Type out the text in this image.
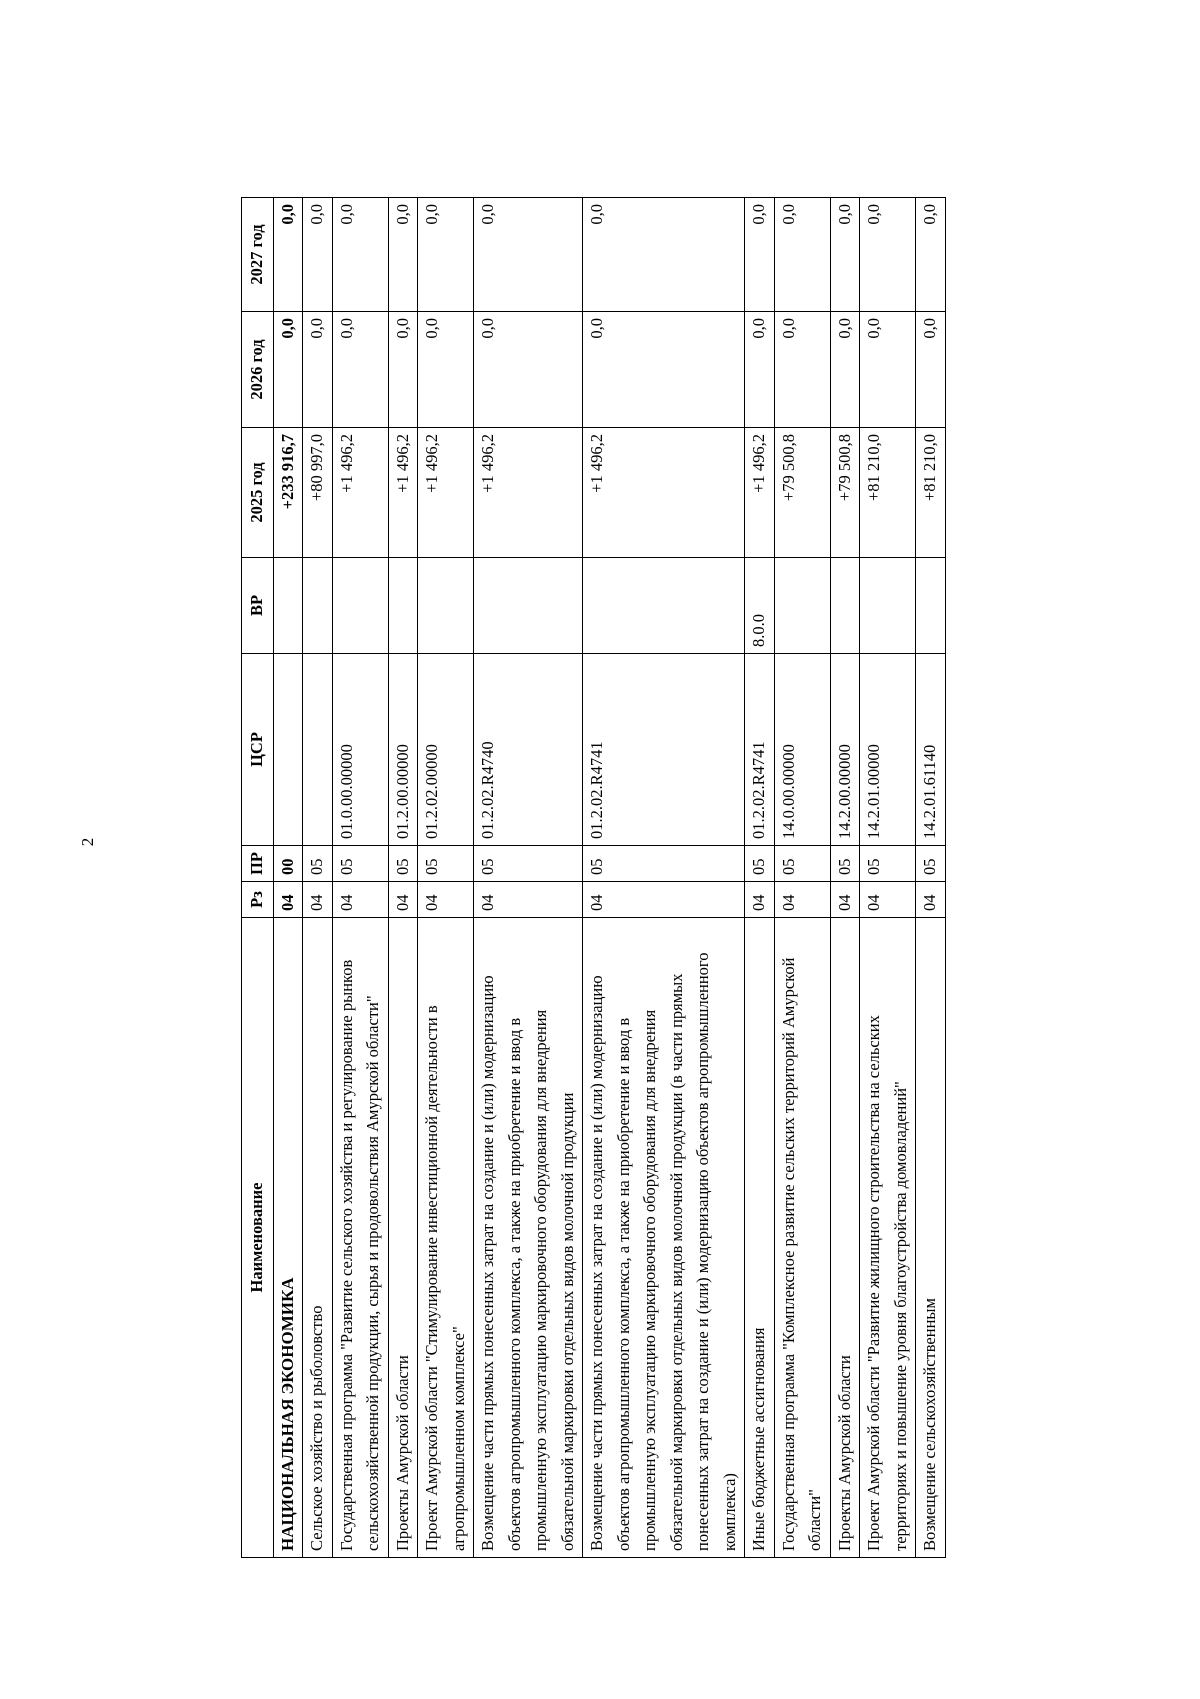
2
Наименование	Рз	ПР	ЦСР	ВР	2025 год	2026 год	2027 год
НАЦИОНАЛЬНАЯ ЭКОНОМИКА	04	00			+233 916,7	0,0	0,0
Сельское хозяйство и рыболовство	04	05			+80 997,0	0,0	0,0
Государственная программа "Развитие сельского хозяйства и регулирование рынков сельскохозяйственной продукции, сырья и продовольствия Амурской области"	04	05	01.0.00.00000		+1 496,2	0,0	0,0
Проекты Амурской области	04	05	01.2.00.00000		+1 496,2	0,0	0,0
Проект Амурской области "Стимулирование инвестиционной деятельности в агропромышленном комплексе"	04	05	01.2.02.00000		+1 496,2	0,0	0,0
Возмещение части прямых понесенных затрат на создание и (или) модернизацию объектов агропромышленного комплекса, а также на приобретение и ввод в промышленную эксплуатацию маркировочного оборудования для внедрения обязательной маркировки отдельных видов молочной продукции	04	05	01.2.02.R4740		+1 496,2	0,0	0,0
Возмещение части прямых понесенных затрат на создание и (или) модернизацию объектов агропромышленного комплекса, а также на приобретение и ввод в промышленную эксплуатацию маркировочного оборудования для внедрения обязательной маркировки отдельных видов молочной продукции (в части прямых понесенных затрат на создание и (или) модернизацию объектов агропромышленного комплекса)	04	05	01.2.02.R4741		+1 496,2	0,0	0,0
Иные бюджетные ассигнования	04	05	01.2.02.R4741	8.0.0	+1 496,2	0,0	0,0
Государственная программа "Комплексное развитие сельских территорий Амурской области"	04	05	14.0.00.00000		+79 500,8	0,0	0,0
Проекты Амурской области	04	05	14.2.00.00000		+79 500,8	0,0	0,0
Проект Амурской области "Развитие жилищного строительства на сельских территориях и повышение уровня благоустройства домовладений"	04	05	14.2.01.00000		+81 210,0	0,0	0,0
Возмещение сельскохозяйственным	04	05	14.2.01.61140		+81 210,0	0,0	0,0
